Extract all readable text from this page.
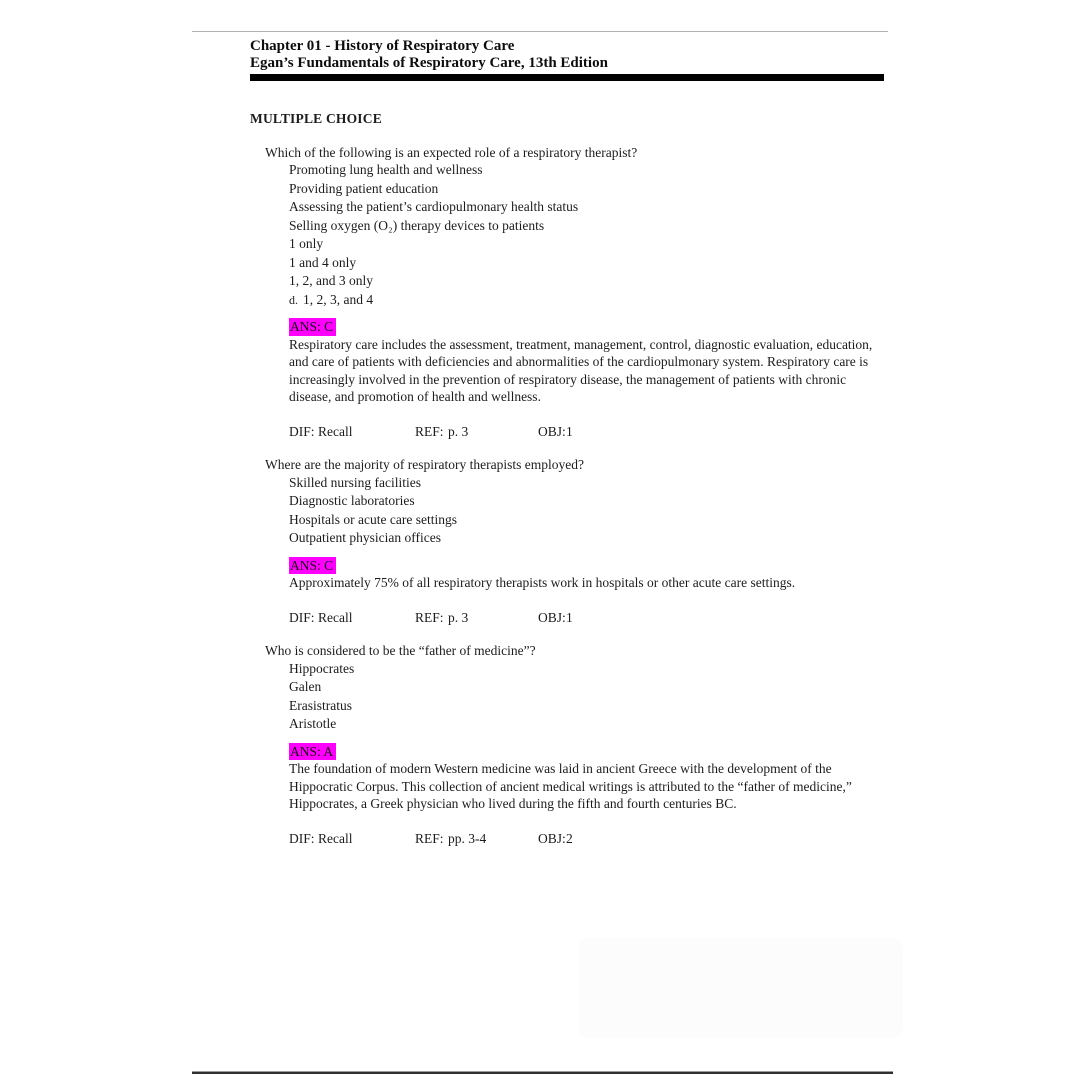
Chapter 01 - History of Respiratory Care
Egan’s Fundamentals of Respiratory Care, 13th Edition
MULTIPLE CHOICE
Which of the following is an expected role of a respiratory therapist?
Promoting lung health and wellness
Providing patient education
Assessing the patient’s cardiopulmonary health status
Selling oxygen (O₂) therapy devices to patients
1 only
1 and 4 only
1, 2, and 3 only
d. 1, 2, 3, and 4
ANS: C
Respiratory care includes the assessment, treatment, management, control, diagnostic evaluation, education, and care of patients with deficiencies and abnormalities of the cardiopulmonary system. Respiratory care is increasingly involved in the prevention of respiratory disease, the management of patients with chronic disease, and promotion of health and wellness.
DIF: Recall	REF: p. 3	OBJ:1
Where are the majority of respiratory therapists employed?
Skilled nursing facilities
Diagnostic laboratories
Hospitals or acute care settings
Outpatient physician offices
ANS: C
Approximately 75% of all respiratory therapists work in hospitals or other acute care settings.
DIF: Recall	REF: p. 3	OBJ:1
Who is considered to be the “father of medicine”?
Hippocrates
Galen
Erasistratus
Aristotle
ANS: A
The foundation of modern Western medicine was laid in ancient Greece with the development of the Hippocratic Corpus. This collection of ancient medical writings is attributed to the “father of medicine,” Hippocrates, a Greek physician who lived during the fifth and fourth centuries BC.
DIF: Recall	REF: pp. 3-4	OBJ:2
